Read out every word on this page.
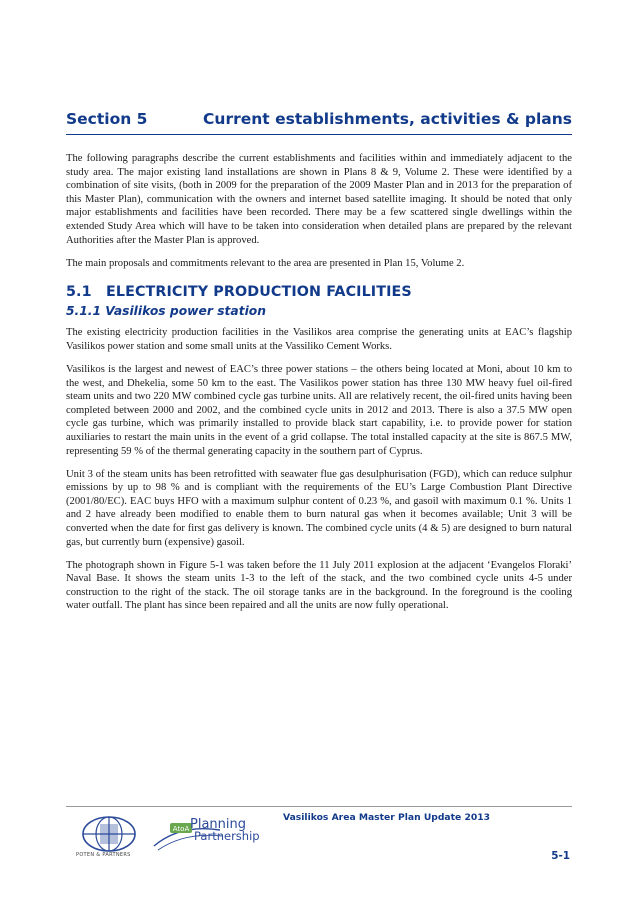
Section 5	Current establishments, activities & plans

The following paragraphs describe the current establishments and facilities within and immediately adjacent to the study area. The major existing land installations are shown in Plans 8 & 9, Volume 2. These were identified by a combination of site visits, (both in 2009 for the preparation of the 2009 Master Plan and in 2013 for the preparation of this Master Plan), communication with the owners and internet based satellite imaging. It should be noted that only major establishments and facilities have been recorded. There may be a few scattered single dwellings within the extended Study Area which will have to be taken into consideration when detailed plans are prepared by the relevant Authorities after the Master Plan is approved.

The main proposals and commitments relevant to the area are presented in Plan 15, Volume 2.

5.1 ELECTRICITY PRODUCTION FACILITIES
5.1.1 Vasilikos power station

The existing electricity production facilities in the Vasilikos area comprise the generating units at EAC’s flagship Vasilikos power station and some small units at the Vassiliko Cement Works.

Vasilikos is the largest and newest of EAC’s three power stations – the others being located at Moni, about 10 km to the west, and Dhekelia, some 50 km to the east. The Vasilikos power station has three 130 MW heavy fuel oil-fired steam units and two 220 MW combined cycle gas turbine units. All are relatively recent, the oil-fired units having been completed between 2000 and 2002, and the combined cycle units in 2012 and 2013. There is also a 37.5 MW open cycle gas turbine, which was primarily installed to provide black start capability, i.e. to provide power for station auxiliaries to restart the main units in the event of a grid collapse. The total installed capacity at the site is 867.5 MW, representing 59 % of the thermal generating capacity in the southern part of Cyprus.

Unit 3 of the steam units has been retrofitted with seawater flue gas desulphurisation (FGD), which can reduce sulphur emissions by up to 98 % and is compliant with the requirements of the EU’s Large Combustion Plant Directive (2001/80/EC). EAC buys HFO with a maximum sulphur content of 0.23 %, and gasoil with maximum 0.1 %. Units 1 and 2 have already been modified to enable them to burn natural gas when it becomes available; Unit 3 will be converted when the date for first gas delivery is known. The combined cycle units (4 & 5) are designed to burn natural gas, but currently burn (expensive) gasoil.

The photograph shown in Figure 5-1 was taken before the 11 July 2011 explosion at the adjacent ‘Evangelos Floraki’ Naval Base. It shows the steam units 1-3 to the left of the stack, and the two combined cycle units 4-5 under construction to the right of the stack. The oil storage tanks are in the background. In the foreground is the cooling water outfall. The plant has since been repaired and all the units are now fully operational.

Vasilikos Area Master Plan Update 2013
5-1
POTEN & PARTNERS
AtoA Planning
Partnership
